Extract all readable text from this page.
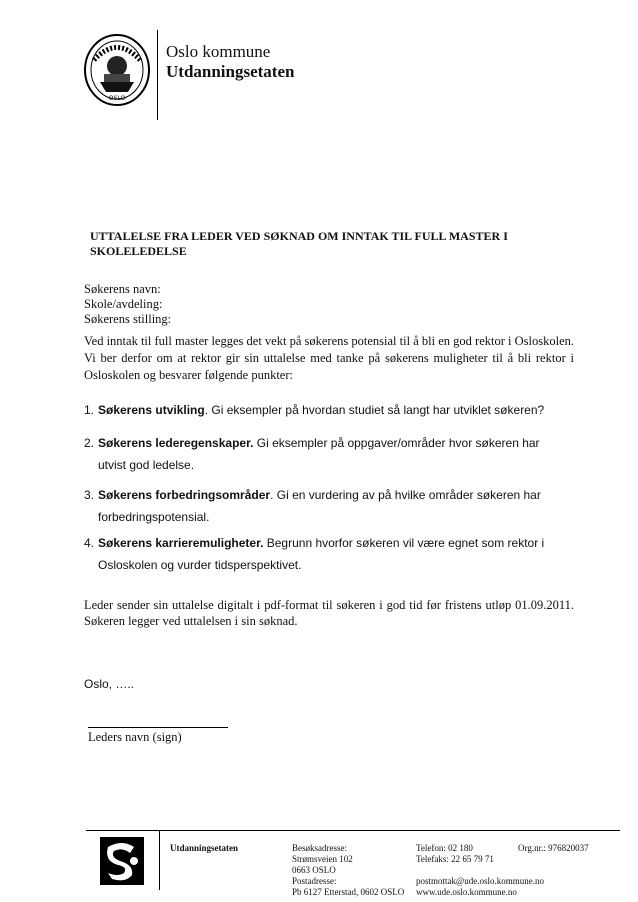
OSLO
Oslo kommune
Utdanningsetaten
UTTALELSE FRA LEDER VED SØKNAD OM INNTAK TIL FULL MASTER I
SKOLELEDELSE
Søkerens navn:
Skole/avdeling:
Søkerens stilling:
Ved inntak til full master legges det vekt på søkerens potensial til å bli en god rektor i Osloskolen. Vi ber derfor om at rektor gir sin uttalelse med tanke på søkerens muligheter til å bli rektor i Osloskolen og besvarer følgende punkter:
1. Søkerens utvikling. Gi eksempler på hvordan studiet så langt har utviklet søkeren?
2. Søkerens lederegenskaper. Gi eksempler på oppgaver/områder hvor søkeren har utvist god ledelse.
3. Søkerens forbedringsområder. Gi en vurdering av på hvilke områder søkeren har forbedringspotensial.
4. Søkerens karrieremuligheter. Begrunn hvorfor søkeren vil være egnet som rektor i Osloskolen og vurder tidsperspektivet.
Leder sender sin uttalelse digitalt i pdf-format til søkeren i god tid før fristens utløp 01.09.2011. Søkeren legger ved uttalelsen i sin søknad.
Oslo, …..
Leders navn (sign)
Utdanningsetaten	Besøksadresse:
Strømsveien 102
0663 OSLO
Postadresse:
Pb 6127 Etterstad, 0602 OSLO
Telefon: 02 180
Telefaks: 22 65 79 71
postmottak@ude.oslo.kommune.no
www.ude.oslo.kommune.no
Org.nr.: 976820037
